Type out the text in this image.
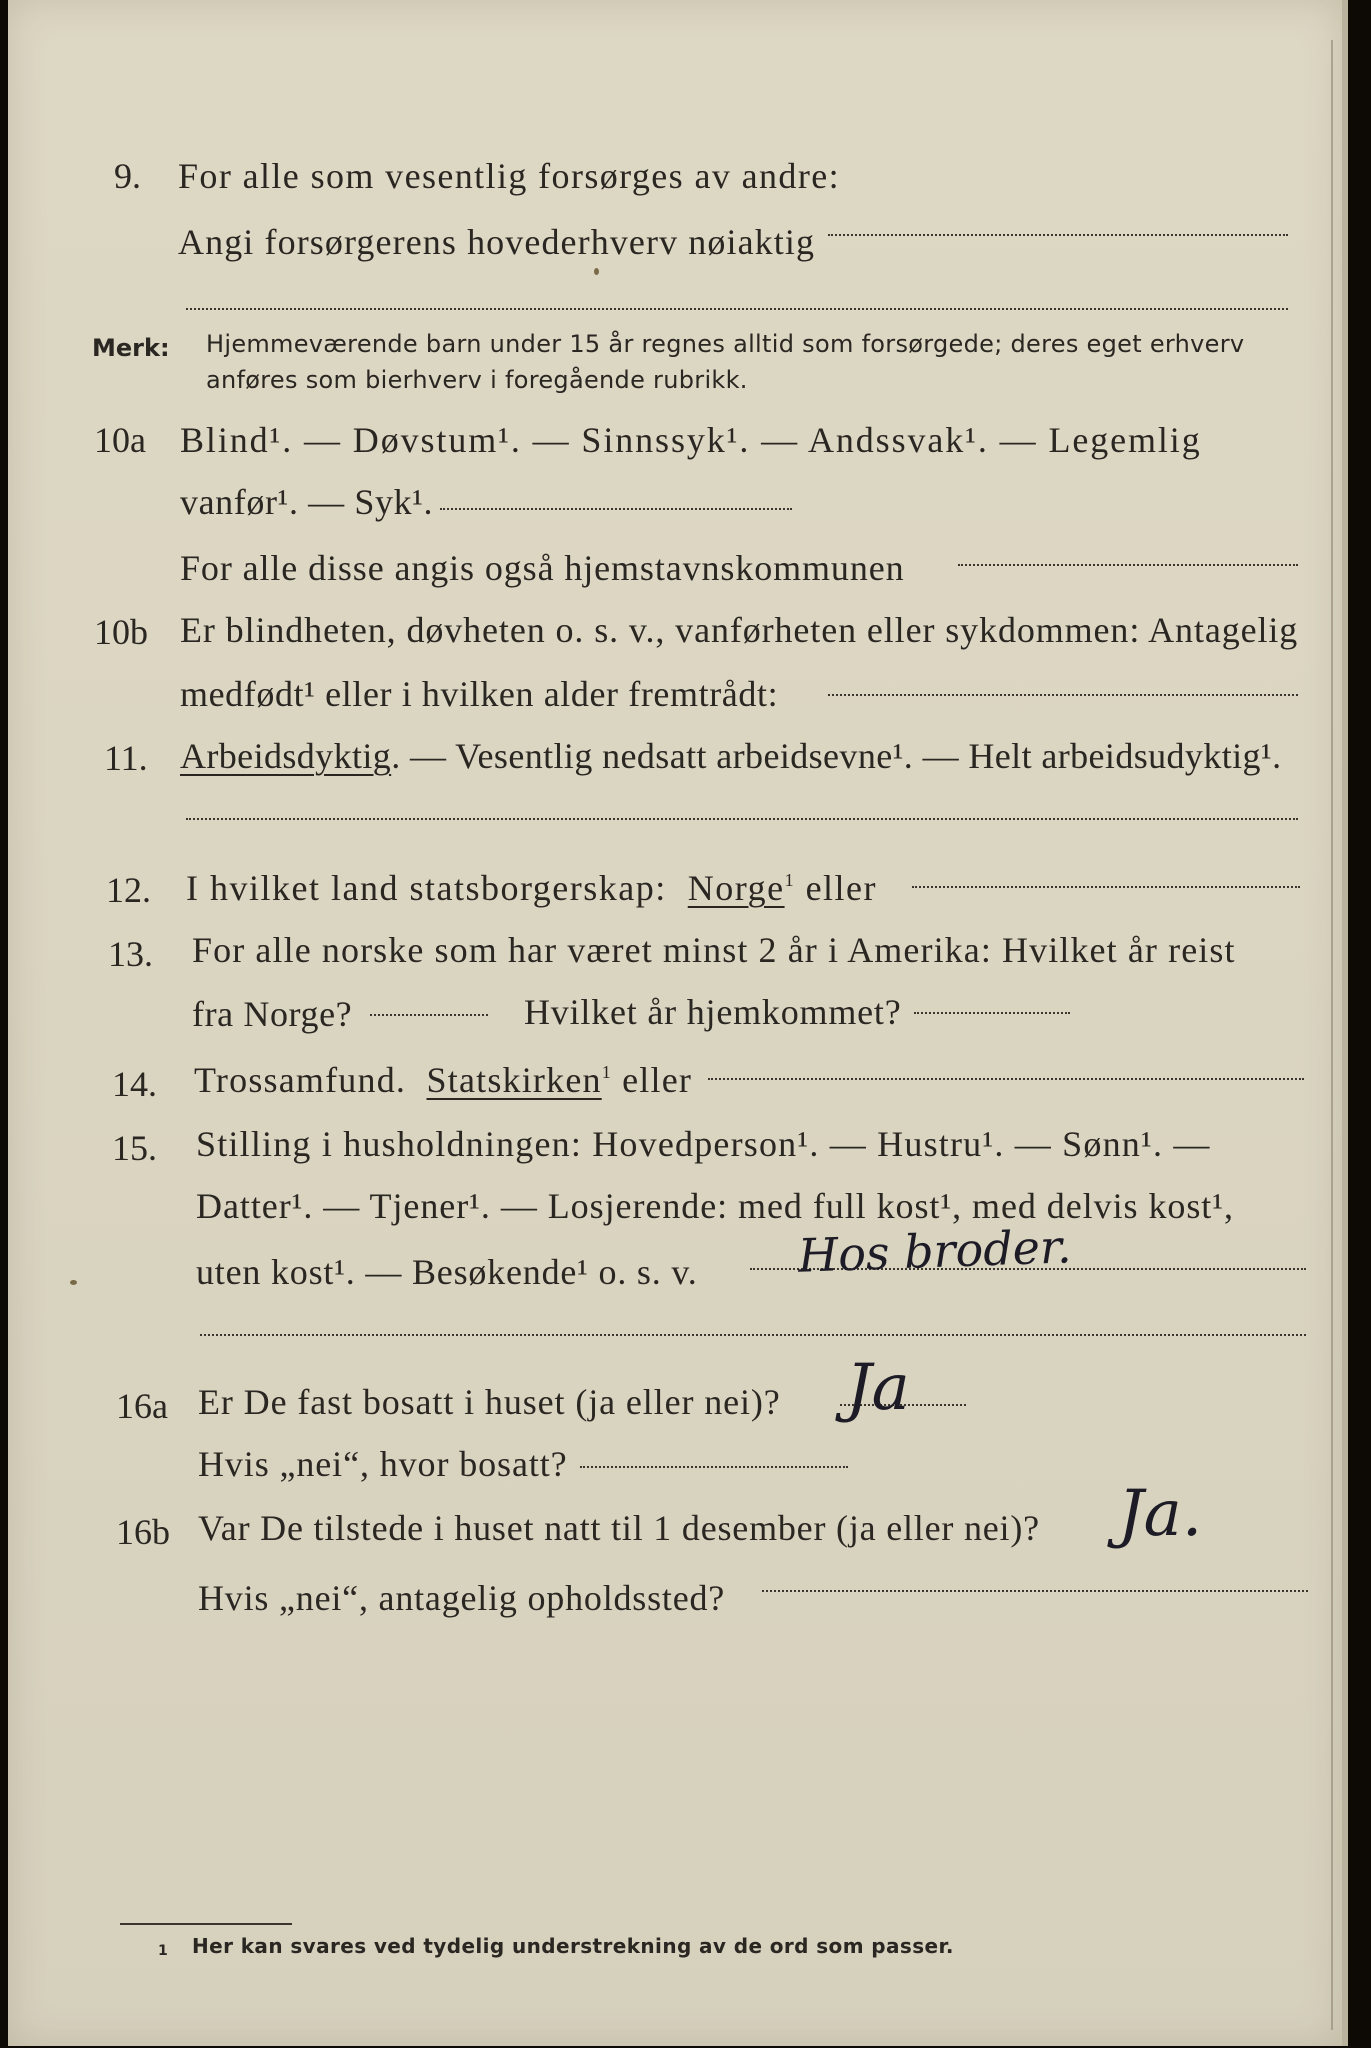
9. For alle som vesentlig forsørges av andre:
Angi forsørgerens hovederhverv nøiaktig
Merk: Hjemmeværende barn under 15 år regnes alltid som forsørgede; deres eget erhverv
anføres som bierhverv i foregående rubrikk.
10a Blind¹. — Døvstum¹. — Sinnssyk¹. — Andssvak¹. — Legemlig
vanfør¹. — Syk¹.
For alle disse angis også hjemstavnskommunen
10b Er blindheten, døvheten o. s. v., vanførheten eller sykdommen: Antagelig
medfødt¹ eller i hvilken alder fremtrådt:
11. Arbeidsdyktig. — Vesentlig nedsatt arbeidsevne¹. — Helt arbeidsudyktig¹.
12. I hvilket land statsborgerskap: Norge$^1$ eller
13. For alle norske som har været minst 2 år i Amerika: Hvilket år reist
fra Norge?	Hvilket år hjemkommet?
14. Trossamfund. Statskirken$^1$ eller
15. Stilling i husholdningen: Hovedperson¹. — Hustru¹. — Sønn¹. —
Datter¹. — Tjener¹. — Losjerende: med full kost¹, med delvis kost¹,
uten kost¹. — Besøkende¹ o. s. v. Hos broder.
16a Er De fast bosatt i huset (ja eller nei)? Ja
Hvis „nei“, hvor bosatt?
16b Var De tilstede i huset natt til 1 desember (ja eller nei)? Ja.
Hvis „nei“, antagelig opholdssted?
1 Her kan svares ved tydelig understrekning av de ord som passer.
